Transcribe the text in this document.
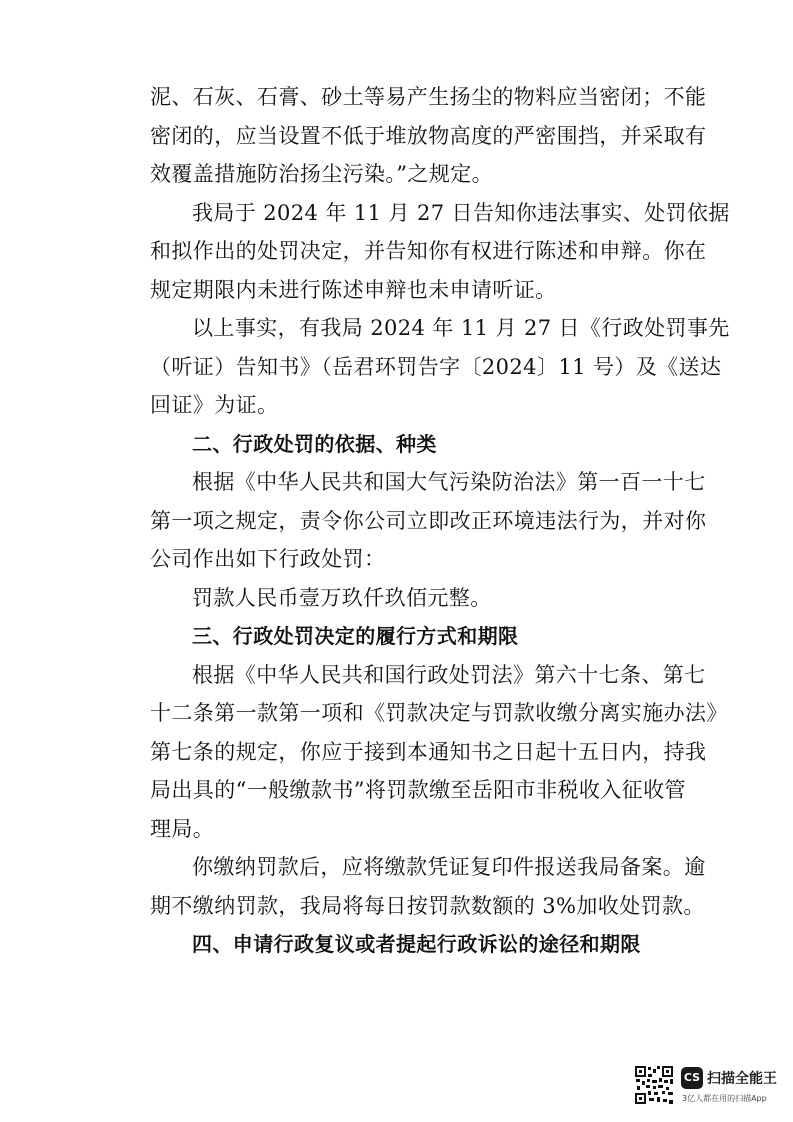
泥、石灰、石膏、砂土等易产生扬尘的物料应当密闭；不能
密闭的，应当设置不低于堆放物高度的严密围挡，并采取有
效覆盖措施防治扬尘污染。”之规定。
我局于 2024 年 11 月 27 日告知你违法事实、处罚依据
和拟作出的处罚决定，并告知你有权进行陈述和申辩。你在
规定期限内未进行陈述申辩也未申请听证。
以上事实，有我局 2024 年 11 月 27 日《行政处罚事先
（听证）告知书》（岳君环罚告字〔2024〕11 号）及《送达
回证》为证。
二、行政处罚的依据、种类
根据《中华人民共和国大气污染防治法》第一百一十七
第一项之规定，责令你公司立即改正环境违法行为，并对你
公司作出如下行政处罚：
罚款人民币壹万玖仟玖佰元整。
三、行政处罚决定的履行方式和期限
根据《中华人民共和国行政处罚法》第六十七条、第七
十二条第一款第一项和《罚款决定与罚款收缴分离实施办法》
第七条的规定，你应于接到本通知书之日起十五日内，持我
局出具的“一般缴款书”将罚款缴至岳阳市非税收入征收管
理局。
你缴纳罚款后，应将缴款凭证复印件报送我局备案。逾
期不缴纳罚款，我局将每日按罚款数额的 3%加收处罚款。
四、申请行政复议或者提起行政诉讼的途径和期限
CS 扫描全能王
3亿人都在用的扫描App
